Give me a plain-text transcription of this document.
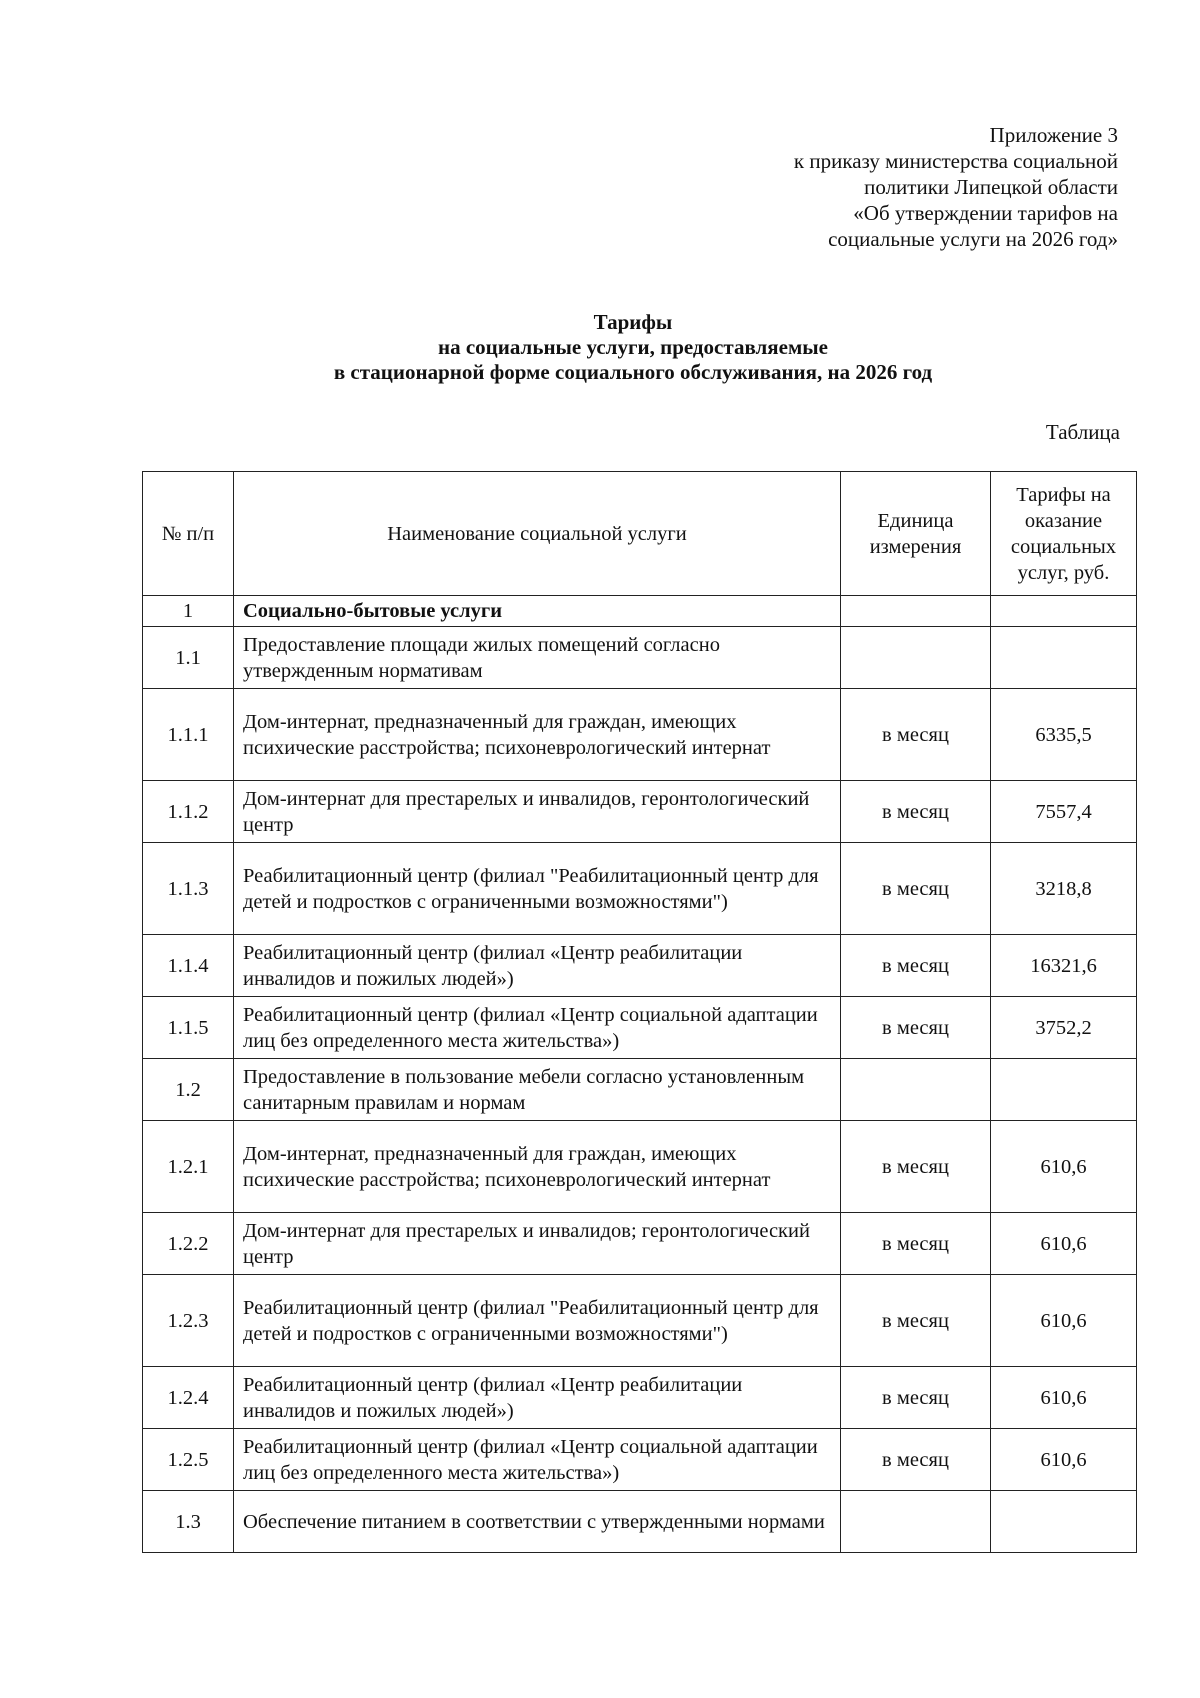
Приложение 3
к приказу министерства социальной
политики Липецкой области
«Об утверждении тарифов на
социальные услуги на 2026 год»
Тарифы
на социальные услуги, предоставляемые
в стационарной форме социального обслуживания, на 2026 год
Таблица
№ п/п	Наименование социальной услуги	Единица измерения	Тарифы на оказание социальных услуг, руб.
1	Социально-бытовые услуги		
1.1	Предоставление площади жилых помещений согласно утвержденным нормативам		
1.1.1	Дом-интернат, предназначенный для граждан, имеющих психические расстройства; психоневрологический интернат	в месяц	6335,5
1.1.2	Дом-интернат для престарелых и инвалидов, геронтологический центр	в месяц	7557,4
1.1.3	Реабилитационный центр (филиал "Реабилитационный центр для детей и подростков с ограниченными возможностями")	в месяц	3218,8
1.1.4	Реабилитационный центр (филиал «Центр реабилитации инвалидов и пожилых людей»)	в месяц	16321,6
1.1.5	Реабилитационный центр (филиал «Центр социальной адаптации лиц без определенного места жительства»)	в месяц	3752,2
1.2	Предоставление в пользование мебели согласно установленным санитарным правилам и нормам		
1.2.1	Дом-интернат, предназначенный для граждан, имеющих психические расстройства; психоневрологический интернат	в месяц	610,6
1.2.2	Дом-интернат для престарелых и инвалидов; геронтологический центр	в месяц	610,6
1.2.3	Реабилитационный центр (филиал "Реабилитационный центр для детей и подростков с ограниченными возможностями")	в месяц	610,6
1.2.4	Реабилитационный центр (филиал «Центр реабилитации инвалидов и пожилых людей»)	в месяц	610,6
1.2.5	Реабилитационный центр (филиал «Центр социальной адаптации лиц без определенного места жительства»)	в месяц	610,6
1.3	Обеспечение питанием в соответствии с утвержденными нормами		
